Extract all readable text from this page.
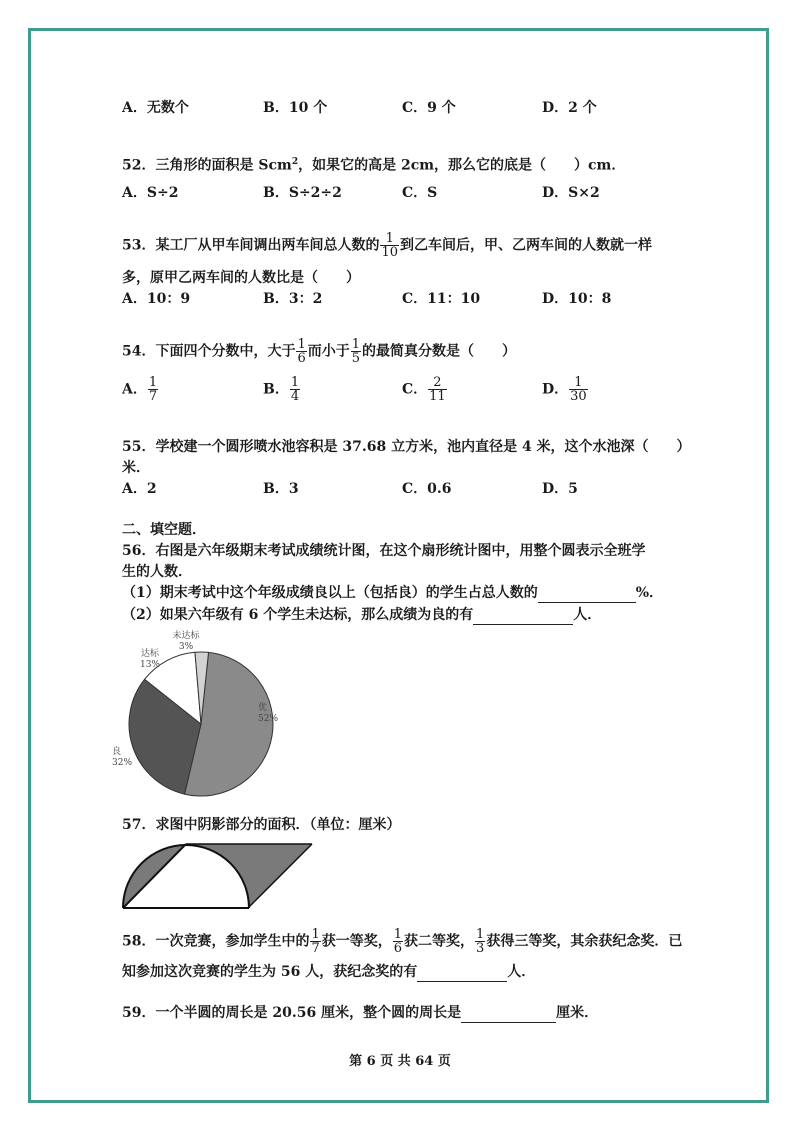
A．无数个	B．10 个	C．9 个	D．2 个
52．三角形的面积是 Scm$^2$，如果它的高是 2cm，那么它的底是（　　）cm．
A．S÷2	B．S÷2÷2	C．S	D．S×2
53．某工厂从甲车间调出两车间总人数的 $\frac{1}{10}$ 到乙车间后，甲、乙两车间的人数就一样
多，原甲乙两车间的人数比是（　　）
A．10：9	B．3：2	C．11：10	D．10：8
54．下面四个分数中，大于 $\frac{1}{6}$ 而小于 $\frac{1}{5}$ 的最简真分数是（　　）
A． $\frac{1}{7}$	B． $\frac{1}{4}$	C． $\frac{2}{11}$	D． $\frac{1}{30}$
55．学校建一个圆形喷水池容积是 37.68 立方米，池内直径是 4 米，这个水池深（　　）
米．
A．2	B．3	C．0.6	D．5
二、填空题．
56．右图是六年级期末考试成绩统计图，在这个扇形统计图中，用整个圆表示全班学
生的人数．
（1）期末考试中这个年级成绩良以上（包括良）的学生占总人数的	%．
（2）如果六年级有 6 个学生未达标，那么成绩为良的有	人．
优
52%
良
32%
达标
13%
未达标
3%
57．求图中阴影部分的面积．（单位：厘米）
58．一次竞赛，参加学生中的 $\frac{1}{7}$ 获一等奖， $\frac{1}{6}$ 获二等奖， $\frac{1}{3}$ 获得三等奖，其余获纪念奖．已
知参加这次竞赛的学生为 56 人，获纪念奖的有	人．
59．一个半圆的周长是 20.56 厘米，整个圆的周长是	厘米．
第 6 页 共 64 页
